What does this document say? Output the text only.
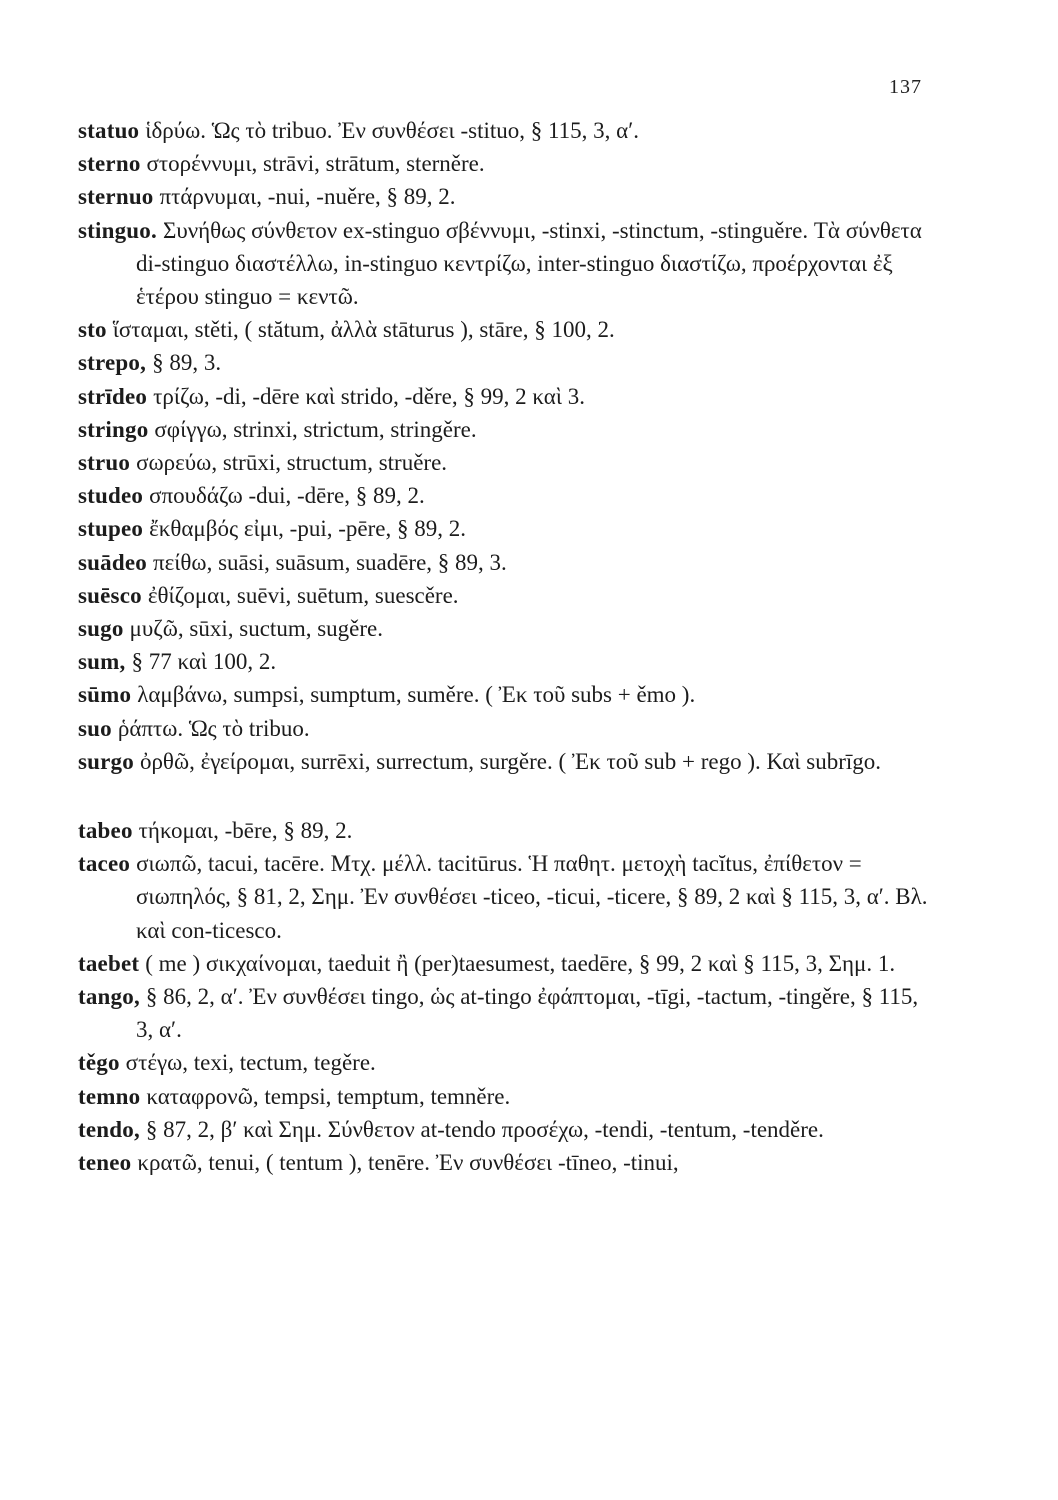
137

statuo ἱδρύω. Ὡς τὸ tribuo. Ἐν συνθέσει -stituo, § 115, 3, α′.

sterno στορέννυμι, strāvi, strātum, sterněre.

sternuo πτάρνυμαι, -nui, -nuěre, § 89, 2.

stinguo. Συνήθως σύνθετον ex-stinguo σβέννυμι, -stinxi, -stinctum, -stinguěre. Τὰ σύνθετα di-stinguo διαστέλλω, in-stinguo κεντρίζω, inter-stinguo διαστίζω, προέρχονται ἐξ ἑτέρου stinguo = κεντῶ.

sto ἵσταμαι, stěti, ( stătum, ἀλλὰ stāturus ), stāre, § 100, 2.

strepo, § 89, 3.

strīdeo τρίζω, -di, -dēre καὶ strido, -děre, § 99, 2 καὶ 3.

stringo σφίγγω, strinxi, strictum, stringěre.

struo σωρεύω, strūxi, structum, struěre.

studeo σπουδάζω -dui, -dēre, § 89, 2.

stupeo ἔκθαμβός εἰμι, -pui, -pēre, § 89, 2.

suādeo πείθω, suāsi, suāsum, suadēre, § 89, 3.

suēsco ἐθίζομαι, suēvi, suētum, suescěre.

sugo μυζῶ, sūxi, suctum, sugěre.

sum, § 77 καὶ 100, 2.

sūmo λαμβάνω, sumpsi, sumptum, suměre. ( Ἐκ τοῦ subs + ěmo ).

suo ῥάπτω. Ὡς τὸ tribuo.

surgo ὀρθῶ, ἐγείρομαι, surrēxi, surrectum, surgěre. ( Ἐκ τοῦ sub + rego ). Καὶ subrīgo.

tabeo τήκομαι, -bēre, § 89, 2.

taceo σιωπῶ, tacui, tacēre. Μτχ. μέλλ. tacitūrus. Ἡ παθητ. μετοχὴ tacĭtus, ἐπίθετον = σιωπηλός, § 81, 2, Σημ. Ἐν συνθέσει -ticeo, -ticui, -ticere, § 89, 2 καὶ § 115, 3, α′. Βλ. καὶ con-ticesco.

taebet ( me ) σικχαίνομαι, taeduit ἢ (per)taesumest, taedēre, § 99, 2 καὶ § 115, 3, Σημ. 1.

tango, § 86, 2, α′. Ἐν συνθέσει tingo, ὡς at-tingo ἐφάπτομαι, -tīgi, -tactum, -tingěre, § 115, 3, α′.

těgo στέγω, texi, tectum, tegěre.

temno καταφρονῶ, tempsi, temptum, temněre.

tendo, § 87, 2, β′ καὶ Σημ. Σύνθετον at-tendo προσέχω, -tendi, -tentum, -tenděre.

teneo κρατῶ, tenui, ( tentum ), tenēre. Ἐν συνθέσει -tīneo, -tinui,
